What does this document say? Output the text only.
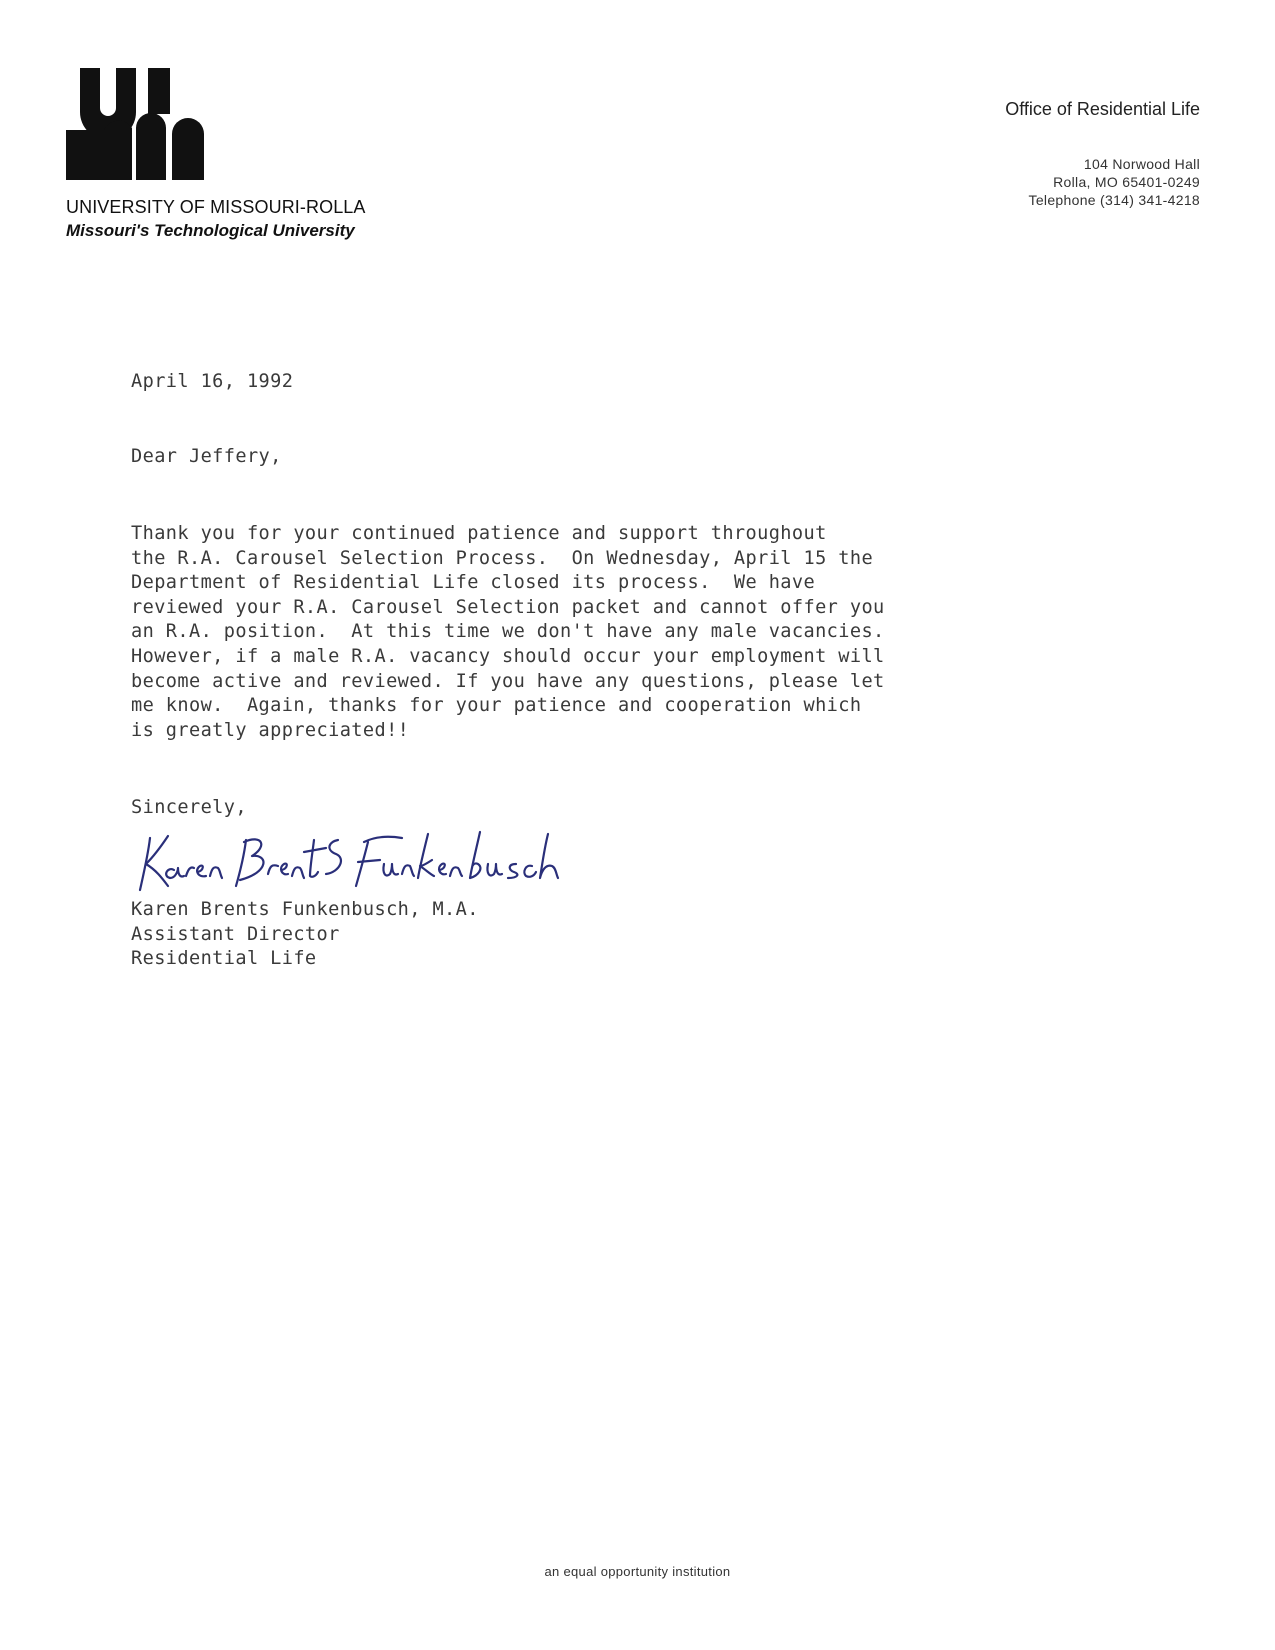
UNIVERSITY OF MISSOURI-ROLLA
Missouri's Technological University
Office of Residential Life
104 Norwood Hall
Rolla, MO 65401-0249
Telephone (314) 341-4218
April 16, 1992
Dear Jeffery,
Thank you for your continued patience and support throughout
the R.A. Carousel Selection Process.  On Wednesday, April 15 the
Department of Residential Life closed its process.  We have
reviewed your R.A. Carousel Selection packet and cannot offer you
an R.A. position.  At this time we don't have any male vacancies.
However, if a male R.A. vacancy should occur your employment will
become active and reviewed. If you have any questions, please let
me know.  Again, thanks for your patience and cooperation which
is greatly appreciated!!
Sincerely,
Karen Brents Funkenbusch, M.A.
Assistant Director
Residential Life
an equal opportunity institution
